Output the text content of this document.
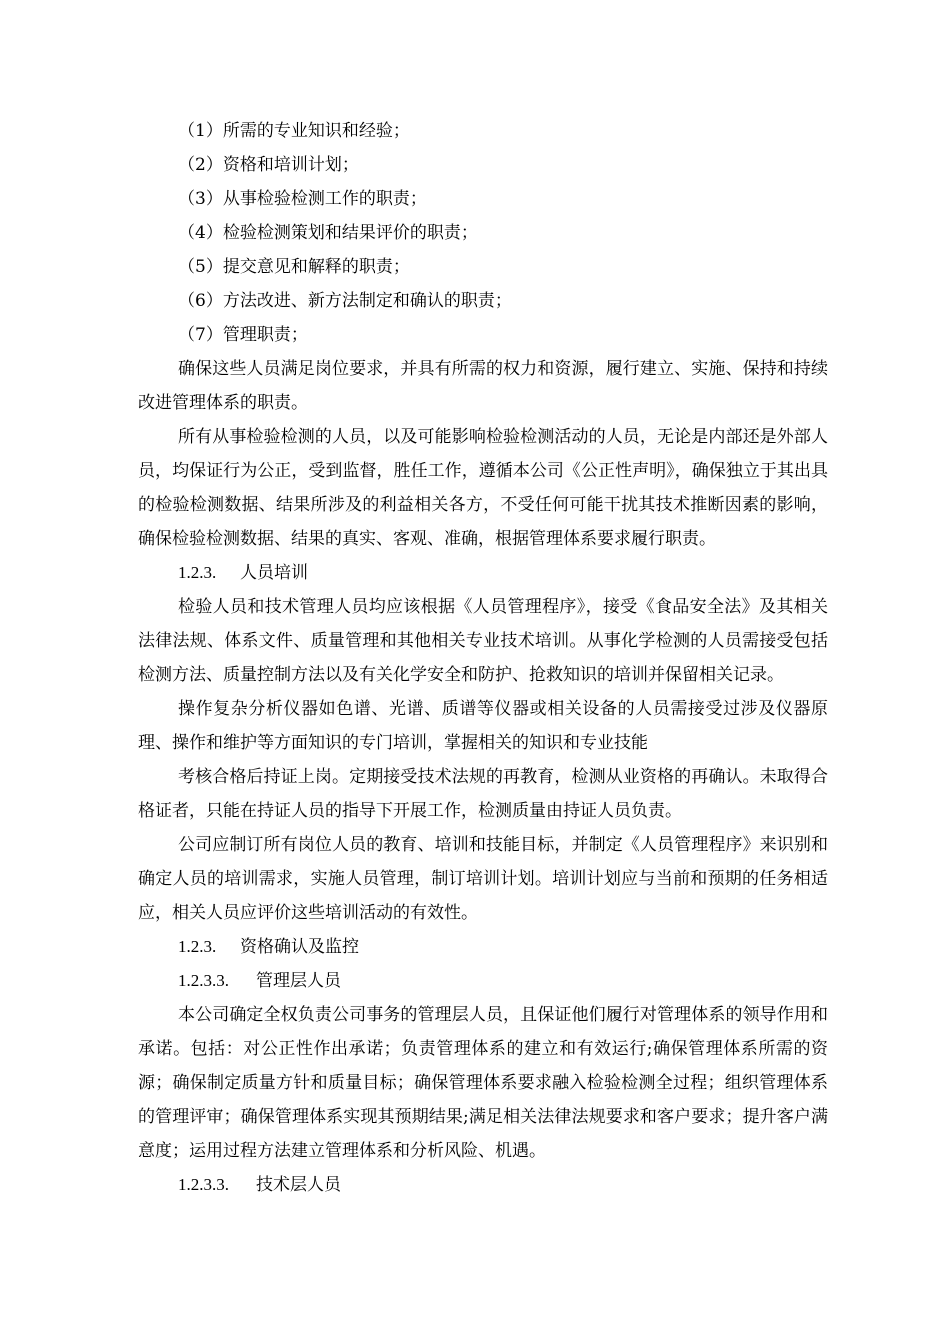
（1）所需的专业知识和经验；
（2）资格和培训计划；
（3）从事检验检测工作的职责；
（4）检验检测策划和结果评价的职责；
（5）提交意见和解释的职责；
（6）方法改进、新方法制定和确认的职责；
（7）管理职责；
确保这些人员满足岗位要求，并具有所需的权力和资源，履行建立、实施、保持和持续改进管理体系的职责。
所有从事检验检测的人员，以及可能影响检验检测活动的人员，无论是内部还是外部人员，均保证行为公正，受到监督，胜任工作，遵循本公司《公正性声明》，确保独立于其出具的检验检测数据、结果所涉及的利益相关各方，不受任何可能干扰其技术推断因素的影响，确保检验检测数据、结果的真实、客观、准确，根据管理体系要求履行职责。
1.2.3. 人员培训
检验人员和技术管理人员均应该根据《人员管理程序》，接受《食品安全法》及其相关法律法规、体系文件、质量管理和其他相关专业技术培训。从事化学检测的人员需接受包括检测方法、质量控制方法以及有关化学安全和防护、抢救知识的培训并保留相关记录。
操作复杂分析仪器如色谱、光谱、质谱等仪器或相关设备的人员需接受过涉及仪器原理、操作和维护等方面知识的专门培训，掌握相关的知识和专业技能
考核合格后持证上岗。定期接受技术法规的再教育，检测从业资格的再确认。未取得合格证者，只能在持证人员的指导下开展工作，检测质量由持证人员负责。
公司应制订所有岗位人员的教育、培训和技能目标，并制定《人员管理程序》来识别和确定人员的培训需求，实施人员管理，制订培训计划。培训计划应与当前和预期的任务相适应，相关人员应评价这些培训活动的有效性。
1.2.3. 资格确认及监控
1.2.3.3. 管理层人员
本公司确定全权负责公司事务的管理层人员，且保证他们履行对管理体系的领导作用和承诺。包括：对公正性作出承诺；负责管理体系的建立和有效运行;确保管理体系所需的资源；确保制定质量方针和质量目标；确保管理体系要求融入检验检测全过程；组织管理体系的管理评审；确保管理体系实现其预期结果;满足相关法律法规要求和客户要求；提升客户满意度；运用过程方法建立管理体系和分析风险、机遇。
1.2.3.3. 技术层人员
